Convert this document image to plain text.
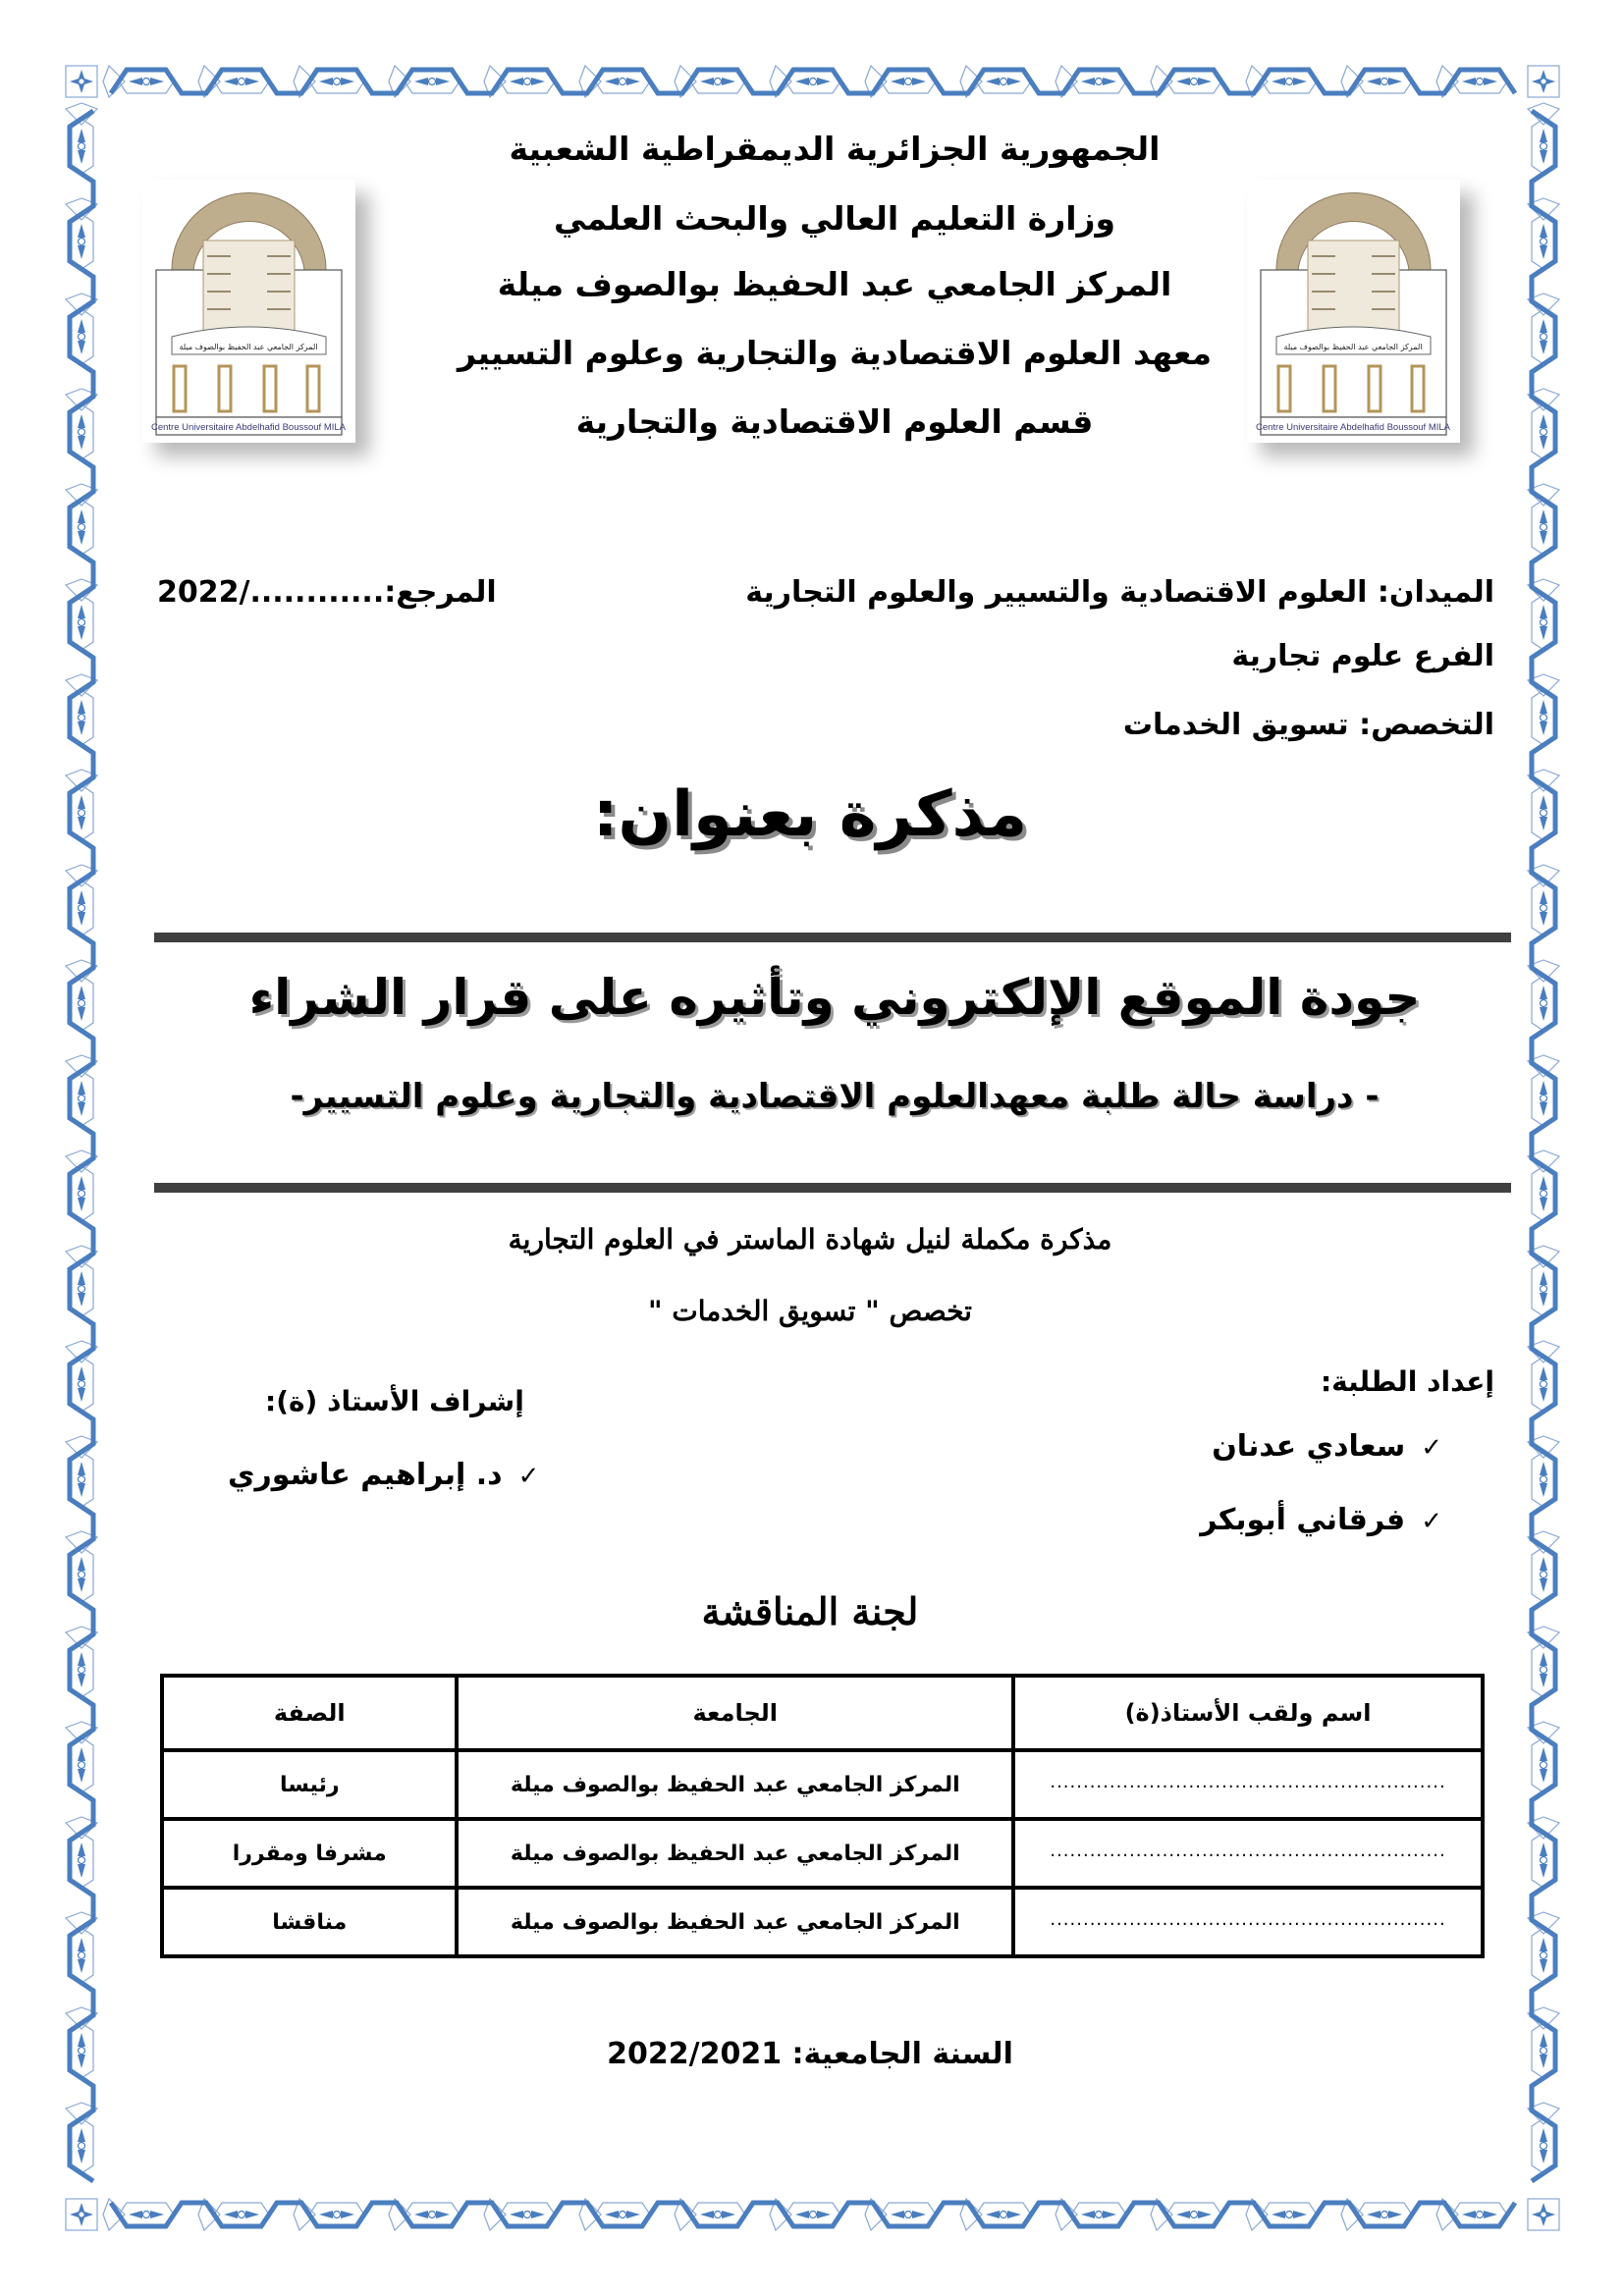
المركز الجامعي عبد الحفيظ بوالصوف ميلة
Centre Universitaire Abdelhafid Boussouf MILA
المركز الجامعي عبد الحفيظ بوالصوف ميلة
Centre Universitaire Abdelhafid Boussouf MILA
الجمهورية الجزائرية الديمقراطية الشعبية
وزارة التعليم العالي والبحث العلمي
المركز الجامعي عبد الحفيظ بوالصوف ميلة
معهد العلوم الاقتصادية والتجارية وعلوم التسيير
قسم العلوم الاقتصادية والتجارية
الميدان: العلوم الاقتصادية والتسيير والعلوم التجارية
المرجع:............/2022
الفرع علوم تجارية
التخصص: تسويق الخدمات
مذكرة بعنوان:
جودة الموقع الإلكتروني وتأثيره على قرار الشراء
- دراسة حالة طلبة معهدالعلوم الاقتصادية والتجارية وعلوم التسيير-
مذكرة مكملة لنيل شهادة الماستر في العلوم التجارية
تخصص " تسويق الخدمات "
إعداد الطلبة:
✓سعادي عدنان
✓فرقاني أبوبكر
إشراف الأستاذ (ة):
✓د. إبراهيم عاشوري
لجنة المناقشة
اسم ولقب الأستاذ(ة)	الجامعة	الصفة
............................................................	المركز الجامعي عبد الحفيظ بوالصوف ميلة	رئيسا
............................................................	المركز الجامعي عبد الحفيظ بوالصوف ميلة	مشرفا ومقررا
............................................................	المركز الجامعي عبد الحفيظ بوالصوف ميلة	مناقشا
السنة الجامعية: 2022/2021
